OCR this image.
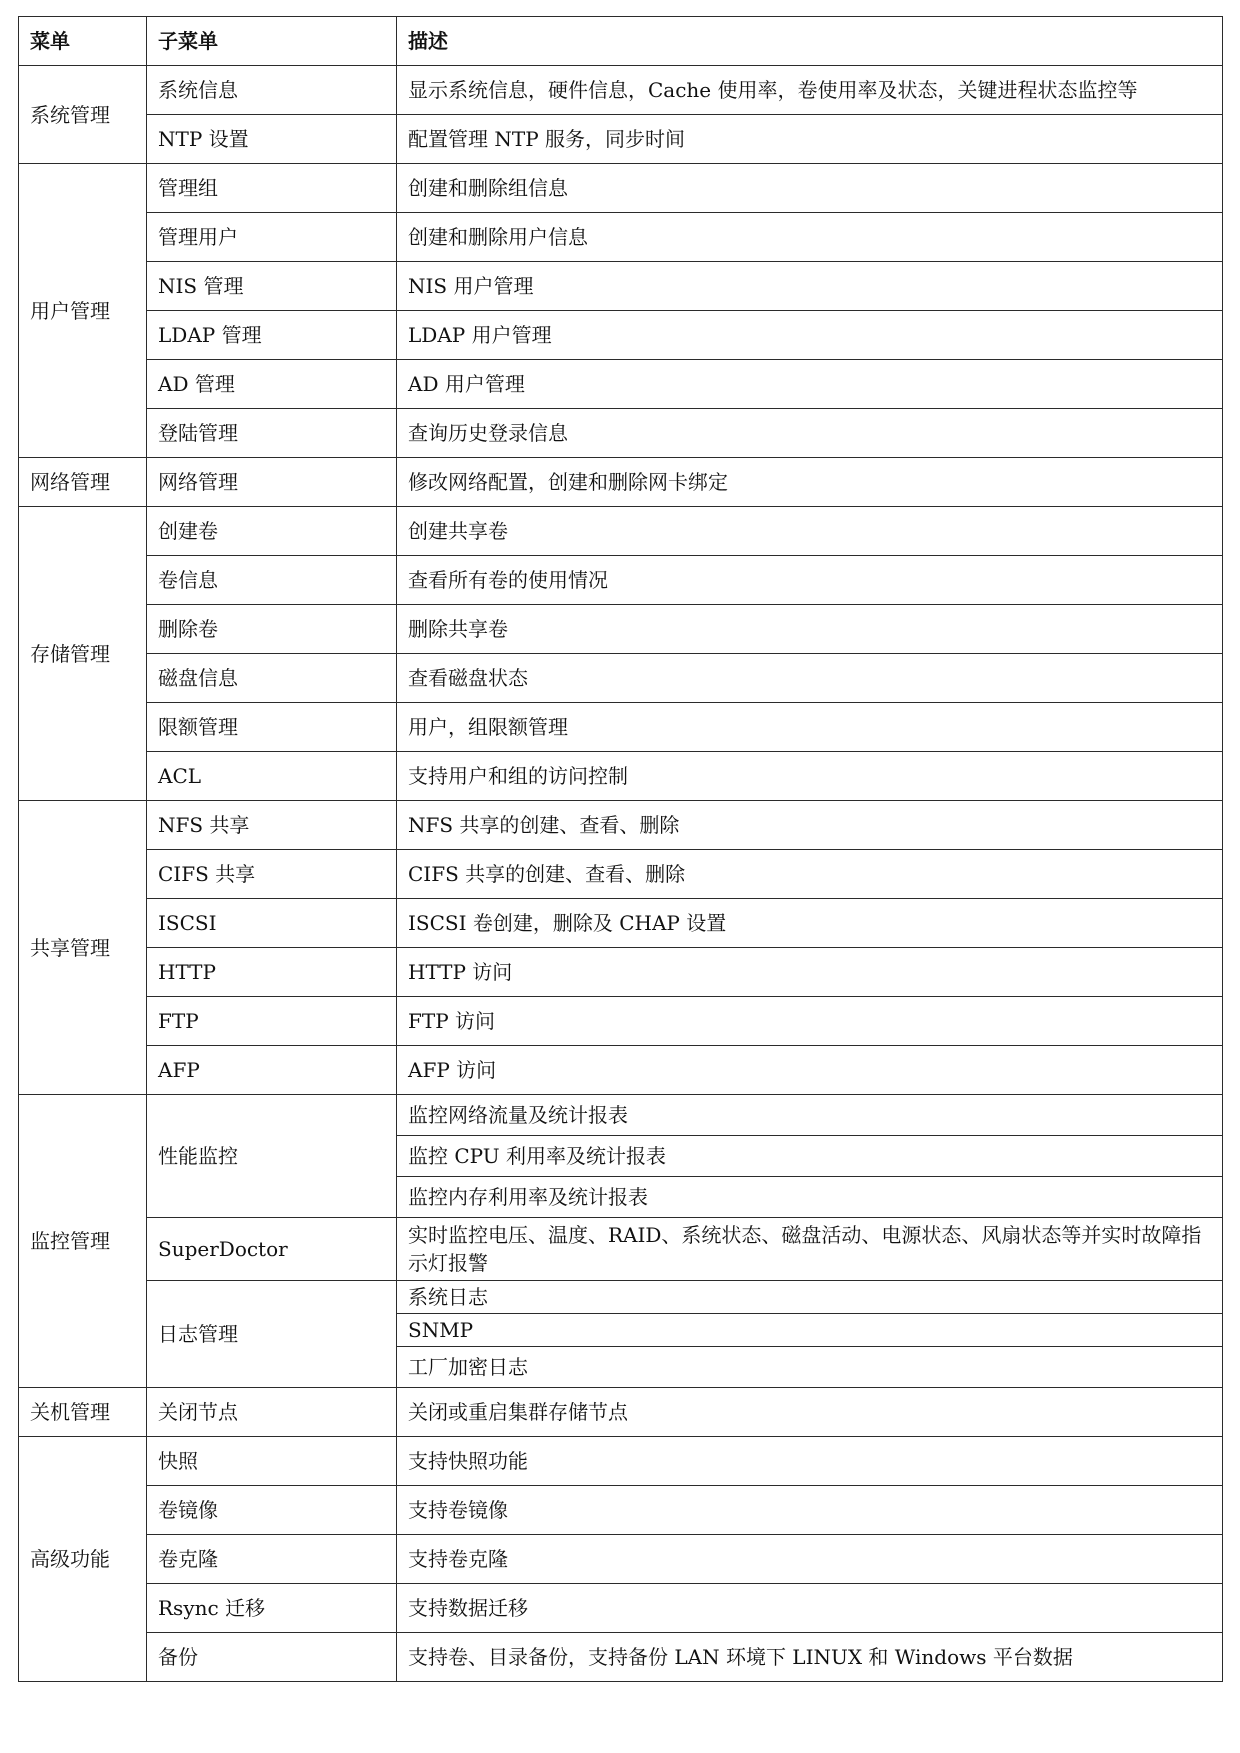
菜单	子菜单	描述
系统管理	系统信息	显示系统信息，硬件信息，Cache 使用率，卷使用率及状态，关键进程状态监控等
	NTP 设置	配置管理 NTP 服务，同步时间
用户管理	管理组	创建和删除组信息
	管理用户	创建和删除用户信息
	NIS 管理	NIS 用户管理
	LDAP 管理	LDAP 用户管理
	AD 管理	AD 用户管理
	登陆管理	查询历史登录信息
网络管理	网络管理	修改网络配置，创建和删除网卡绑定
存储管理	创建卷	创建共享卷
	卷信息	查看所有卷的使用情况
	删除卷	删除共享卷
	磁盘信息	查看磁盘状态
	限额管理	用户，组限额管理
	ACL	支持用户和组的访问控制
共享管理	NFS 共享	NFS 共享的创建、查看、删除
	CIFS 共享	CIFS 共享的创建、查看、删除
	ISCSI	ISCSI 卷创建，删除及 CHAP 设置
	HTTP	HTTP 访问
	FTP	FTP 访问
	AFP	AFP 访问
监控管理	性能监控	监控网络流量及统计报表
		监控 CPU 利用率及统计报表
		监控内存利用率及统计报表
	SuperDoctor	实时监控电压、温度、RAID、系统状态、磁盘活动、电源状态、风扇状态等并实时故障指示灯报警
	日志管理	系统日志
		SNMP
		工厂加密日志
关机管理	关闭节点	关闭或重启集群存储节点
高级功能	快照	支持快照功能
	卷镜像	支持卷镜像
	卷克隆	支持卷克隆
	Rsync 迁移	支持数据迁移
	备份	支持卷、目录备份，支持备份 LAN 环境下 LINUX 和 Windows 平台数据
